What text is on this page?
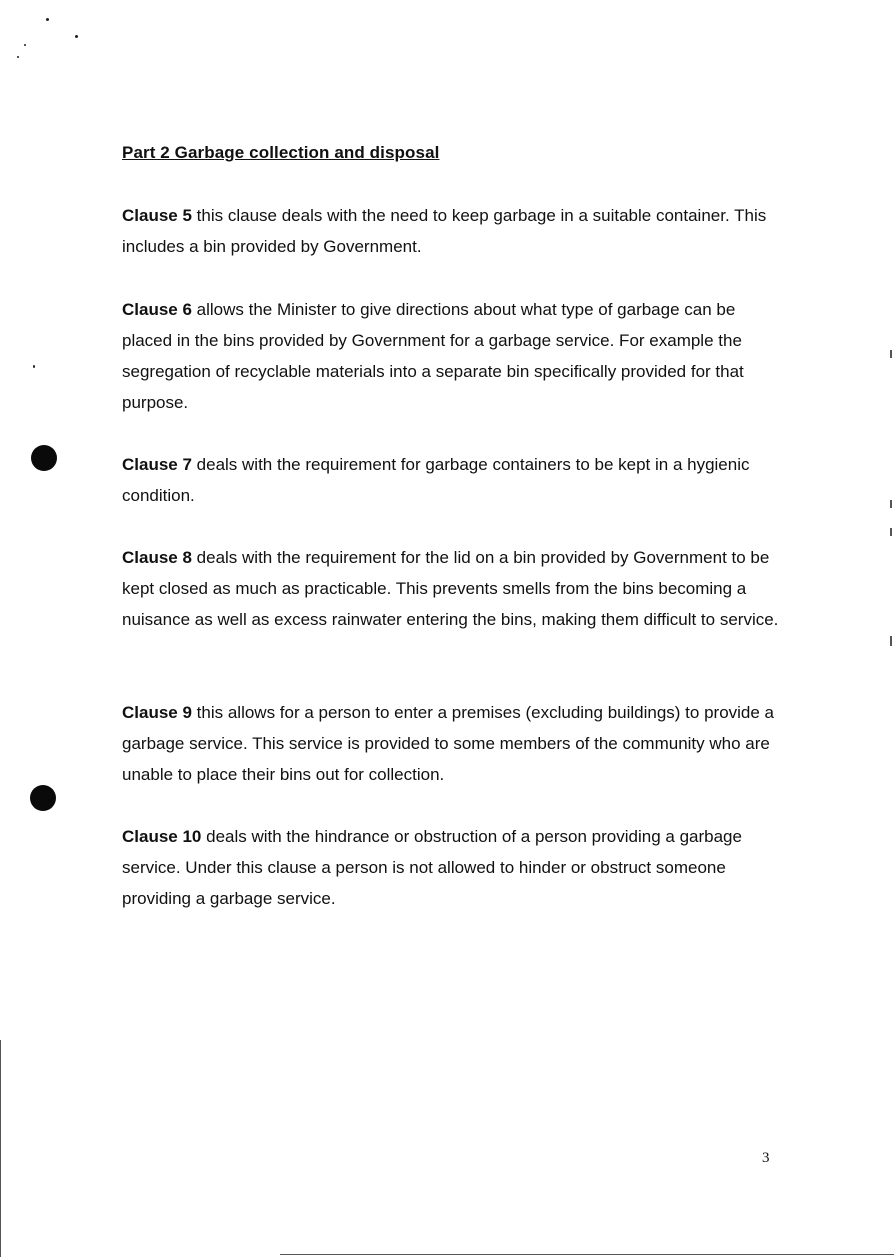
Part 2 Garbage collection and disposal

Clause 5 this clause deals with the need to keep garbage in a suitable container. This includes a bin provided by Government.

Clause 6 allows the Minister to give directions about what type of garbage can be placed in the bins provided by Government for a garbage service. For example the segregation of recyclable materials into a separate bin specifically provided for that purpose.

Clause 7 deals with the requirement for garbage containers to be kept in a hygienic condition.

Clause 8 deals with the requirement for the lid on a bin provided by Government to be kept closed as much as practicable. This prevents smells from the bins becoming a nuisance as well as excess rainwater entering the bins, making them difficult to service.

Clause 9 this allows for a person to enter a premises (excluding buildings) to provide a garbage service. This service is provided to some members of the community who are unable to place their bins out for collection.

Clause 10 deals with the hindrance or obstruction of a person providing a garbage service. Under this clause a person is not allowed to hinder or obstruct someone providing a garbage service.

3
